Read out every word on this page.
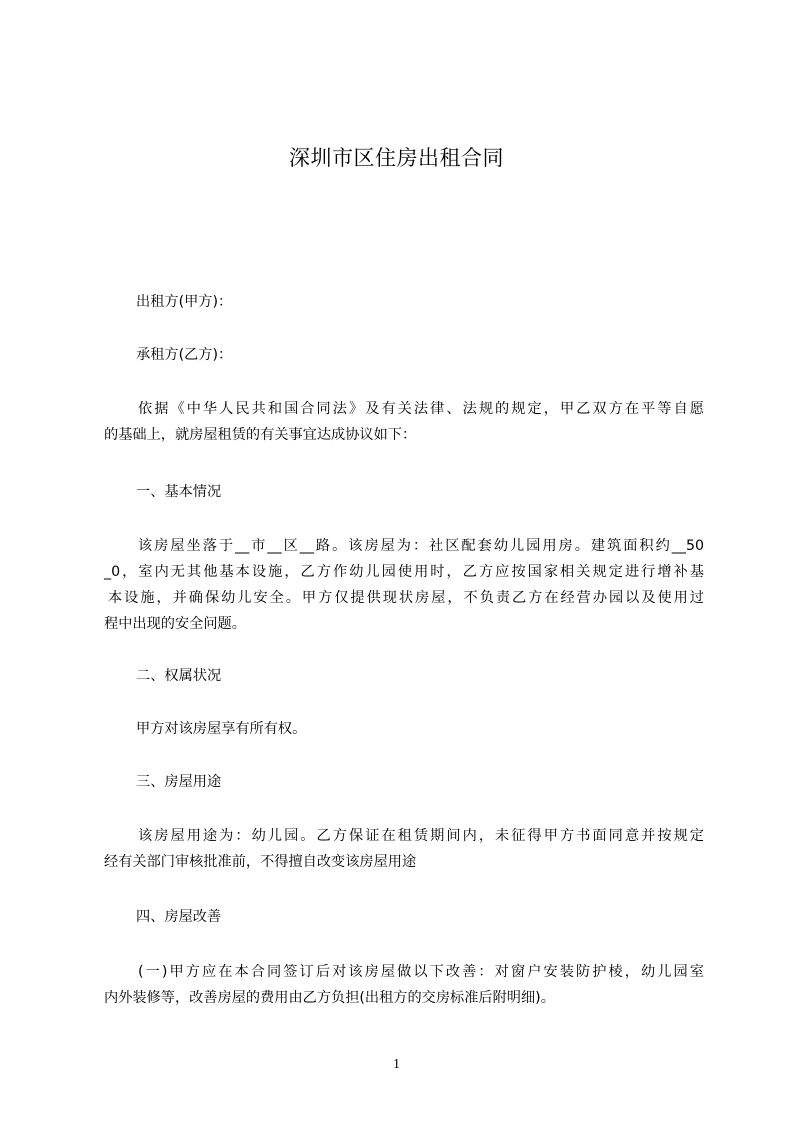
深圳市区住房出租合同
出租方(甲方)：
承租方(乙方)：
依据《中华人民共和国合同法》及有关法律、法规的规定，甲乙双方在平等自愿
的基础上，就房屋租赁的有关事宜达成协议如下：
一、基本情况
该房屋坐落于__市__区__路。该房屋为：社区配套幼儿园用房。建筑面积约__50
_0，室内无其他基本设施，乙方作幼儿园使用时，乙方应按国家相关规定进行增补基
本设施，并确保幼儿安全。甲方仅提供现状房屋，不负责乙方在经营办园以及使用过
程中出现的安全问题。
二、权属状况
甲方对该房屋享有所有权。
三、房屋用途
该房屋用途为：幼儿园。乙方保证在租赁期间内，未征得甲方书面同意并按规定
经有关部门审核批准前，不得擅自改变该房屋用途
四、房屋改善
(一)甲方应在本合同签订后对该房屋做以下改善：对窗户安装防护棱，幼儿园室
内外装修等，改善房屋的费用由乙方负担(出租方的交房标准后附明细)。
1
